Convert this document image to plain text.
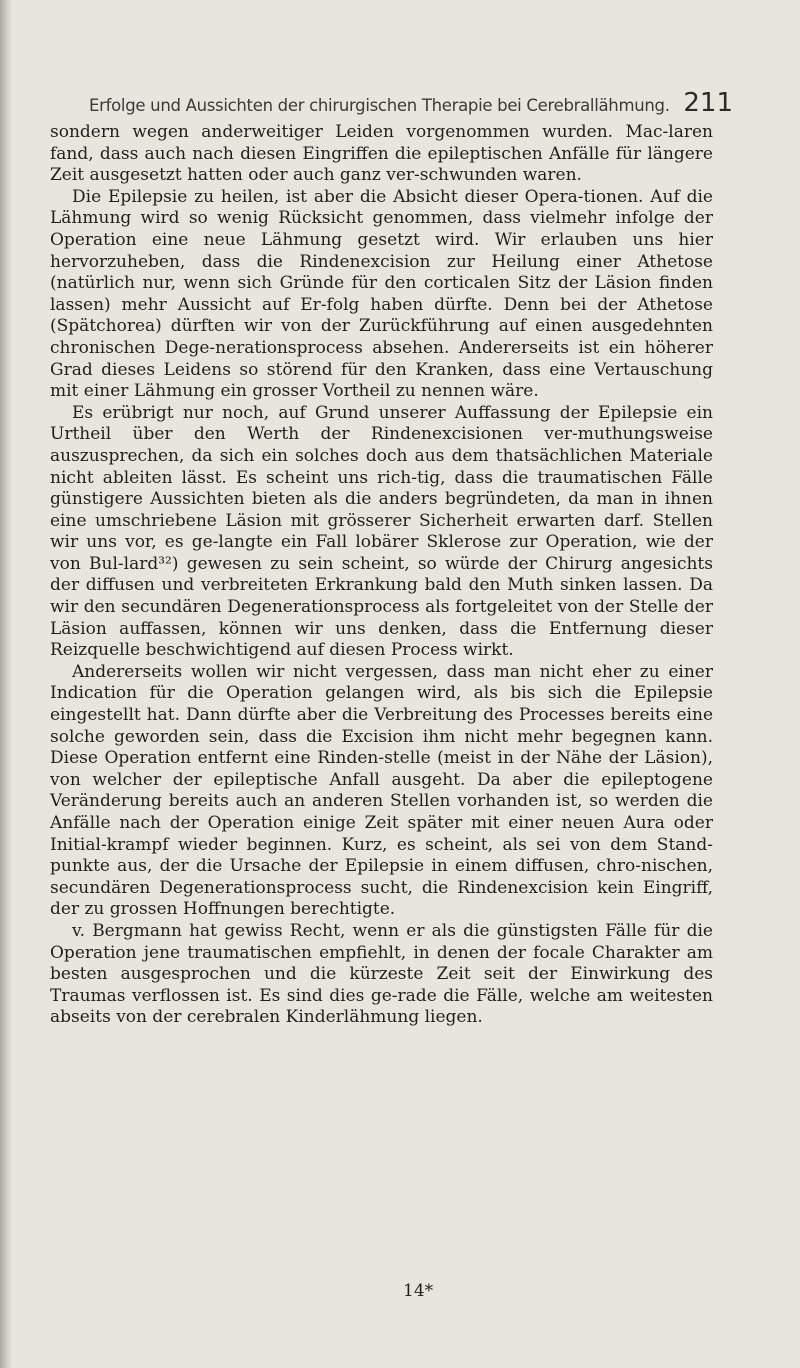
Erfolge und Aussichten der chirurgischen Therapie bei Cerebrallähmung. 211

sondern wegen anderweitiger Leiden vorgenommen wurden. Mac-laren fand, dass auch nach diesen Eingriffen die epileptischen Anfälle für längere Zeit ausgesetzt hatten oder auch ganz ver-schwunden waren.

Die Epilepsie zu heilen, ist aber die Absicht dieser Opera-tionen. Auf die Lähmung wird so wenig Rücksicht genommen, dass vielmehr infolge der Operation eine neue Lähmung gesetzt wird. Wir erlauben uns hier hervorzuheben, dass die Rindenexcision zur Heilung einer Athetose (natürlich nur, wenn sich Gründe für den corticalen Sitz der Läsion finden lassen) mehr Aussicht auf Er-folg haben dürfte. Denn bei der Athetose (Spätchorea) dürften wir von der Zurückführung auf einen ausgedehnten chronischen Dege-nerationsprocess absehen. Andererseits ist ein höherer Grad dieses Leidens so störend für den Kranken, dass eine Vertauschung mit einer Lähmung ein grosser Vortheil zu nennen wäre.

Es erübrigt nur noch, auf Grund unserer Auffassung der Epilepsie ein Urtheil über den Werth der Rindenexcisionen ver-muthungsweise auszusprechen, da sich ein solches doch aus dem thatsächlichen Materiale nicht ableiten lässt. Es scheint uns rich-tig, dass die traumatischen Fälle günstigere Aussichten bieten als die anders begründeten, da man in ihnen eine umschriebene Läsion mit grösserer Sicherheit erwarten darf. Stellen wir uns vor, es ge-langte ein Fall lobärer Sklerose zur Operation, wie der von Bul-lard³²) gewesen zu sein scheint, so würde der Chirurg angesichts der diffusen und verbreiteten Erkrankung bald den Muth sinken lassen. Da wir den secundären Degenerationsprocess als fortgeleitet von der Stelle der Läsion auffassen, können wir uns denken, dass die Entfernung dieser Reizquelle beschwichtigend auf diesen Process wirkt.

Andererseits wollen wir nicht vergessen, dass man nicht eher zu einer Indication für die Operation gelangen wird, als bis sich die Epilepsie eingestellt hat. Dann dürfte aber die Verbreitung des Processes bereits eine solche geworden sein, dass die Excision ihm nicht mehr begegnen kann. Diese Operation entfernt eine Rinden-stelle (meist in der Nähe der Läsion), von welcher der epileptische Anfall ausgeht. Da aber die epileptogene Veränderung bereits auch an anderen Stellen vorhanden ist, so werden die Anfälle nach der Operation einige Zeit später mit einer neuen Aura oder Initial-krampf wieder beginnen. Kurz, es scheint, als sei von dem Stand-punkte aus, der die Ursache der Epilepsie in einem diffusen, chro-nischen, secundären Degenerationsprocess sucht, die Rindenexcision kein Eingriff, der zu grossen Hoffnungen berechtigte.

v. Bergmann hat gewiss Recht, wenn er als die günstigsten Fälle für die Operation jene traumatischen empfiehlt, in denen der focale Charakter am besten ausgesprochen und die kürzeste Zeit seit der Einwirkung des Traumas verflossen ist. Es sind dies ge-rade die Fälle, welche am weitesten abseits von der cerebralen Kinderlähmung liegen.

14*
